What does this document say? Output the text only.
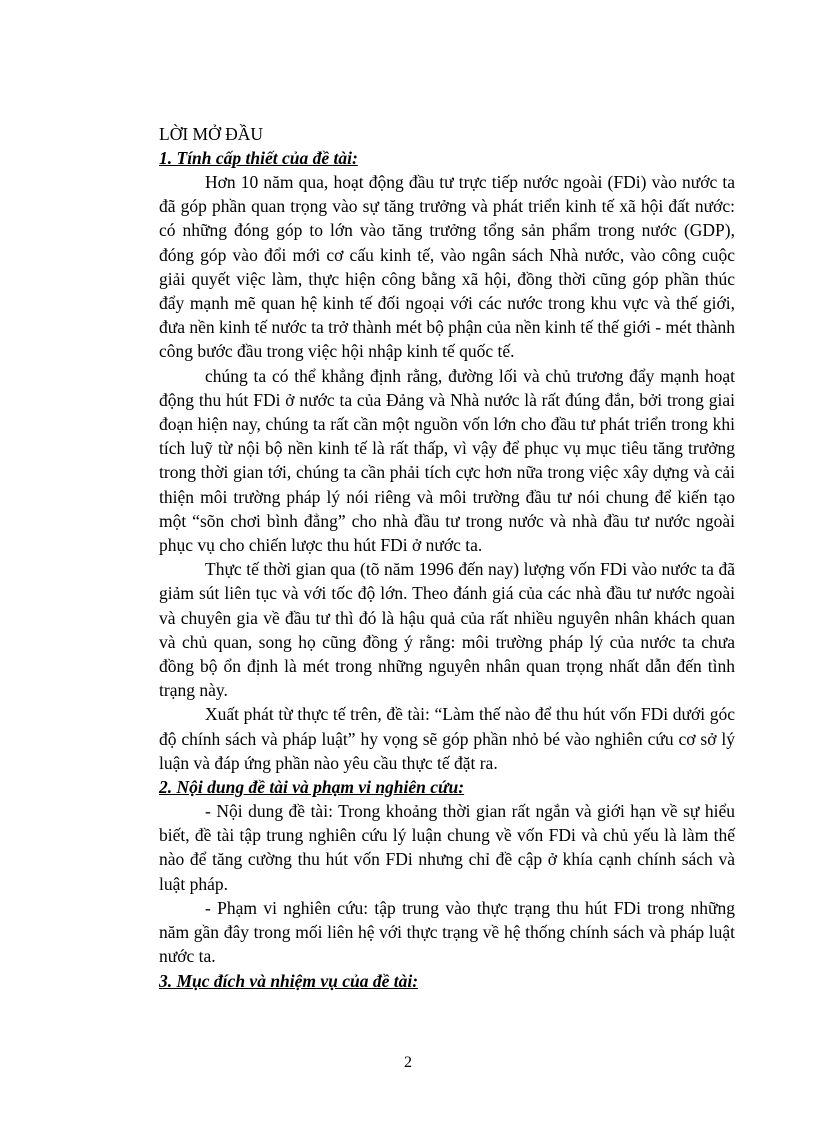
LỜI MỞ ĐẦU
1. Tính cấp thiết của đề tài:

Hơn 10 năm qua, hoạt động đầu tư trực tiếp nước ngoài (FDi) vào nước ta đã góp phần quan trọng vào sự tăng trưởng và phát triển kinh tế xã hội đất nước: có những đóng góp to lớn vào tăng trưởng tổng sản phẩm trong nước (GDP), đóng góp vào đổi mới cơ cấu kinh tế, vào ngân sách Nhà nước, vào công cuộc giải quyết việc làm, thực hiện công bằng xã hội, đồng thời cũng góp phần thúc đẩy mạnh mẽ quan hệ kinh tế đối ngoại với các nước trong khu vực và thế giới, đưa nền kinh tế nước ta trở thành mét bộ phận của nền kinh tế thế giới - mét thành công bước đầu trong việc hội nhập kinh tế quốc tế.

chúng ta có thể khẳng định rằng, đường lối và chủ trương đẩy mạnh hoạt động thu hút FDi ở nước ta của Đảng và Nhà nước là rất đúng đắn, bởi trong giai đoạn hiện nay, chúng ta rất cần một nguồn vốn lớn cho đầu tư phát triển trong khi tích luỹ từ nội bộ nền kinh tế là rất thấp, vì vậy để phục vụ mục tiêu tăng trưởng trong thời gian tới, chúng ta cần phải tích cực hơn nữa trong việc xây dựng và cải thiện môi trường pháp lý nói riêng và môi trường đầu tư nói chung để kiến tạo một “sõn chơi bình đẳng” cho nhà đầu tư trong nước và nhà đầu tư nước ngoài phục vụ cho chiến lược thu hút FDi ở nước ta.

Thực tế thời gian qua (tõ năm 1996 đến nay) lượng vốn FDi vào nước ta đã giảm sút liên tục và với tốc độ lớn. Theo đánh giá của các nhà đầu tư nước ngoài và chuyên gia về đầu tư thì đó là hậu quả của rất nhiều nguyên nhân khách quan và chủ quan, song họ cũng đồng ý rằng: môi trường pháp lý của nước ta chưa đồng bộ ổn định là mét trong những nguyên nhân quan trọng nhất dẫn đến tình trạng này.

Xuất phát từ thực tế trên, đề tài: “Làm thế nào để thu hút vốn FDi dưới góc độ chính sách và pháp luật” hy vọng sẽ góp phần nhỏ bé vào nghiên cứu cơ sở lý luận và đáp ứng phần nào yêu cầu thực tế đặt ra.

2. Nội dung đề tài và phạm vi nghiên cứu:

- Nội dung đề tài: Trong khoảng thời gian rất ngắn và giới hạn về sự hiểu biết, đề tài tập trung nghiên cứu lý luận chung về vốn FDi và chủ yếu là làm thế nào để tăng cường thu hút vốn FDi nhưng chỉ đề cập ở khía cạnh chính sách và luật pháp.

- Phạm vi nghiên cứu: tập trung vào thực trạng thu hút FDi trong những năm gần đây trong mối liên hệ với thực trạng về hệ thống chính sách và pháp luật nước ta.

3. Mục đích và nhiệm vụ của đề tài:
2
